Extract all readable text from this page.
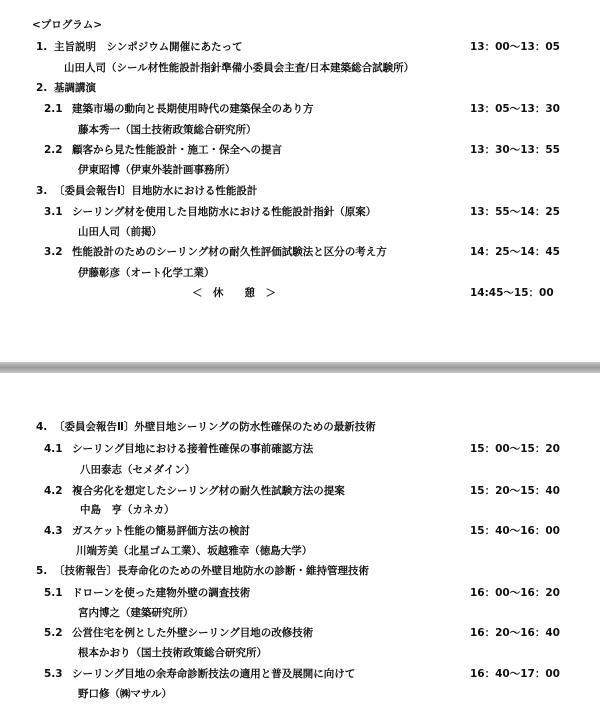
<プログラム>
1. 主旨説明　シンポジウム開催にあたって	13：00～13：05
山田人司（シール材性能設計指針準備小委員会主査/日本建築総合試験所）
2. 基調講演
2.1 建築市場の動向と長期使用時代の建築保全のあり方	13：05～13：30
藤本秀一（国土技術政策総合研究所）
2.2 顧客から見た性能設計・施工・保全への提言	13：30～13：55
伊東昭博（伊東外装計画事務所）
3. 〔委員会報告Ⅰ〕目地防水における性能設計
3.1 シーリング材を使用した目地防水における性能設計指針（原案）	13：55～14：25
山田人司（前掲）
3.2 性能設計のためのシーリング材の耐久性評価試験法と区分の考え方	14：25～14：45
伊藤彰彦（オート化学工業）
＜　休　　憩　＞	14:45～15：00
4. 〔委員会報告Ⅱ〕外壁目地シーリングの防水性確保のための最新技術
4.1 シーリング目地における接着性確保の事前確認方法	15：00～15：20
八田泰志（セメダイン）
4.2 複合劣化を想定したシーリング材の耐久性試験方法の提案	15：20～15：40
中島　亨（カネカ）
4.3 ガスケット性能の簡易評価方法の検討	15：40～16：00
川端芳美（北星ゴム工業）、坂越雅幸（徳島大学）
5. 〔技術報告〕長寿命化のための外壁目地防水の診断・維持管理技術
5.1 ドローンを使った建物外壁の調査技術	16：00～16：20
宮内博之（建築研究所）
5.2 公営住宅を例とした外壁シーリング目地の改修技術	16：20～16：40
根本かおり（国土技術政策総合研究所）
5.3 シーリング目地の余寿命診断技法の適用と普及展開に向けて	16：40～17：00
野口修（㈱マサル）
